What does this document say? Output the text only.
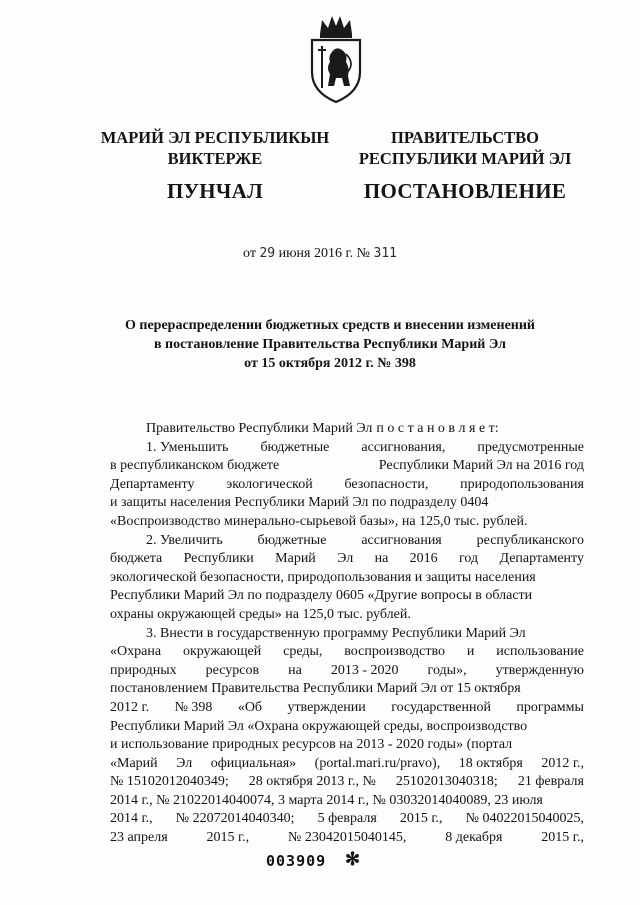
МАРИЙ ЭЛ РЕСПУБЛИКЫН
ВИКТЕРЖЕ
ПУНЧАЛ
ПРАВИТЕЛЬСТВО
РЕСПУБЛИКИ МАРИЙ ЭЛ
ПОСТАНОВЛЕНИЕ
от 29 июня 2016 г. № 311
О перераспределении бюджетных средств и внесении изменений
в постановление Правительства Республики Марий Эл
от 15 октября 2012 г. № 398
Правительство Республики Марий Эл п о с т а н о в л я е т:
1. Уменьшить бюджетные ассигнования, предусмотренные
в республиканском бюджете	Республики Марий Эл на 2016 год
Департаменту экологической безопасности, природопользования
и защиты населения Республики Марий Эл по подразделу 0404
«Воспроизводство минерально-сырьевой базы», на 125,0 тыс. рублей.
2. Увеличить бюджетные ассигнования республиканского
бюджета Республики Марий Эл на 2016 год Департаменту
экологической безопасности, природопользования и защиты населения
Республики Марий Эл по подразделу 0605 «Другие вопросы в области
охраны окружающей среды» на 125,0 тыс. рублей.
3. Внести в государственную программу Республики Марий Эл
«Охрана окружающей среды, воспроизводство и использование
природных ресурсов на 2013 - 2020 годы», утвержденную
постановлением Правительства Республики Марий Эл от 15 октября
2012 г. № 398 «Об утверждении государственной программы
Республики Марий Эл «Охрана окружающей среды, воспроизводство
и использование природных ресурсов на 2013 - 2020 годы» (портал
«Марий Эл официальная» (portal.mari.ru/pravo), 18 октября 2012 г.,
№ 15102012040349; 28 октября 2013 г., № 25102013040318; 21 февраля
2014 г., № 21022014040074, 3 марта 2014 г., № 03032014040089, 23 июля
2014 г., № 22072014040340; 5 февраля 2015 г., № 04022015040025,
23 апреля	2015 г.,	№ 23042015040145,	8 декабря	2015 г.,
003909 ✻
